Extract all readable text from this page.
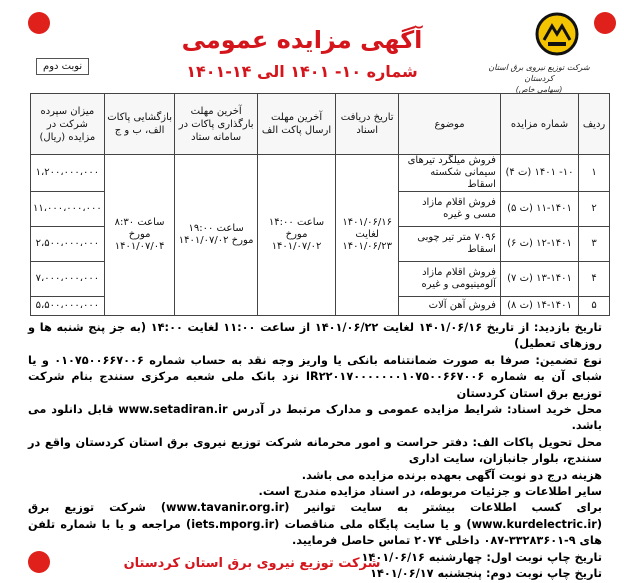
شرکت توزیع نیروی برق استان کردستان
(سهامی خاص)
آگهی مزایده عمومی
شماره ۱۰- ۱۴۰۱ الی ۱۴-۱۴۰۱
نوبت دوم
ردیف	شماره مزایده	موضوع	تاریخ دریافت اسناد	آخرین مهلت ارسال پاکت الف	آخرین مهلت بارگذاری پاکات در سامانه ستاد	بازگشایی پاکات الف، ب و ج	میزان سپرده شرکت در مزایده (ریال)
۱	۱۰- ۱۴۰۱ (ت ۴)	فروش میلگرد تیرهای سیمانی شکسته اسقاط	۱۴۰۱/۰۶/۱۶ لغایت ۱۴۰۱/۰۶/۲۳	ساعت ۱۴:۰۰ مورخ ۱۴۰۱/۰۷/۰۲	ساعت ۱۹:۰۰ مورخ ۱۴۰۱/۰۷/۰۲	ساعت ۸:۳۰ مورخ ۱۴۰۱/۰۷/۰۴	۱،۲۰۰،۰۰۰،۰۰۰
۲	۱۱-۱۴۰۱ (ت ۵)	فروش اقلام مازاد مسی و غیره					۱۱،۰۰۰،۰۰۰،۰۰۰
۳	۱۲-۱۴۰۱ (ت ۶)	۷۰۹۶ متر تیر چوبی اسقاط					۲،۵۰۰،۰۰۰،۰۰۰
۴	۱۳-۱۴۰۱ (ت ۷)	فروش اقلام مازاد آلومینیومی و غیره					۷،۰۰۰،۰۰۰،۰۰۰
۵	۱۴-۱۴۰۱ (ت ۸)	فروش آهن آلات					۵،۵۰۰،۰۰۰،۰۰۰

تاریخ بازدید: از تاریخ ۱۴۰۱/۰۶/۱۶ لغایت ۱۴۰۱/۰۶/۲۲ از ساعت ۱۱:۰۰ لغایت ۱۴:۰۰ (به جز پنج شنبه ها و روزهای تعطیل)

نوع تضمین: صرفا به صورت ضمانتنامه بانکی یا واریز وجه نقد به حساب شماره ۰۱۰۷۵۰۰۶۶۷۰۰۶ و یا شبای آن به شماره IR۲۲۰۱۷۰۰۰۰۰۰۰۱۰۷۵۰۰۶۶۷۰۰۶ نزد بانک ملی شعبه مرکزی سنندج بنام شرکت توزیع برق استان کردستان

محل خرید اسناد: شرایط مزایده عمومی و مدارک مرتبط در آدرس www.setadiran.ir قابل دانلود می باشد.

محل تحویل پاکات الف: دفتر حراست و امور محرمانه شرکت توزیع نیروی برق استان کردستان واقع در سنندج، بلوار جانبازان، سایت اداری

هزینه درج دو نوبت آگهی بعهده برنده مزایده می باشد.

سایر اطلاعات و جزئیات مربوطه، در اسناد مزایده مندرج است.

برای کسب اطلاعات بیشتر به سایت توانیر (www.tavanir.org.ir) شرکت توزیع برق (www.kurdelectric.ir) و یا سایت پایگاه ملی مناقصات (iets.mporg.ir) مراجعه و یا با شماره تلفن های ۹-۳۳۲۸۳۶۰۱-۰۸۷ داخلی ۲۰۷۴ تماس حاصل فرمایید.

تاریخ چاپ نوبت اول: چهارشنبه ۱۴۰۱/۰۶/۱۶

تاریخ چاپ نوبت دوم: پنجشنبه ۱۴۰۱/۰۶/۱۷

شرکت توزیع نیروی برق استان کردستان
